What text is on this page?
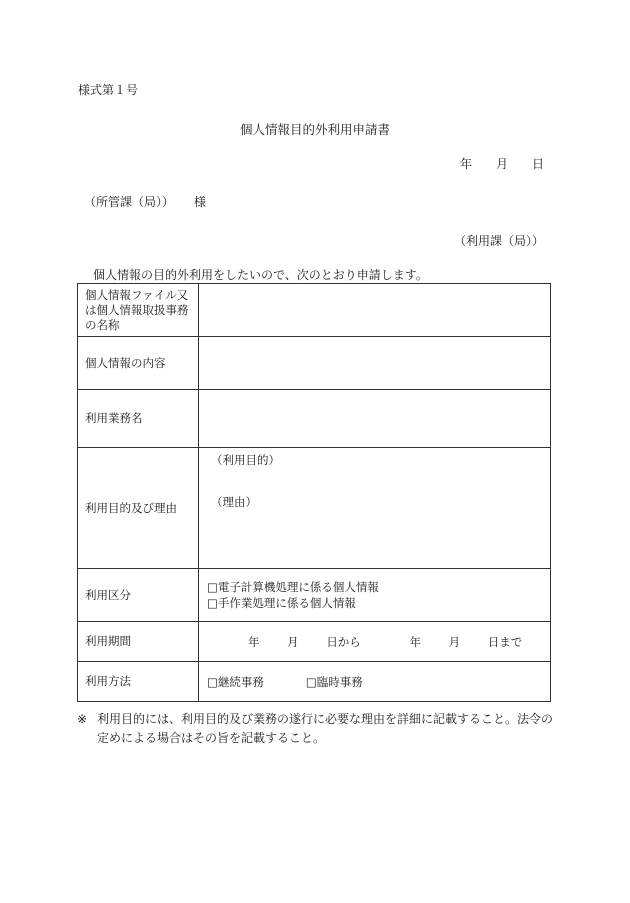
様式第１号
個人情報目的外利用申請書
年 月 日
（所管課（局）） 様
（利用課（局））
個人情報の目的外利用をしたいので、次のとおり申請します。
個人情報ファイル又
は個人情報取扱事務
の名称	

個人情報の内容	
利用業務名	
利用目的及び理由	（利用目的）
（理由）

利用区分	□電子計算機処理に係る個人情報
□手作業処理に係る個人情報

利用期間	年 月 日から 年 月 日まで
利用方法	□継続事務 □臨時事務
※ 利用目的には、利用目的及び業務の遂行に必要な理由を詳細に記載すること。法令の
定めによる場合はその旨を記載すること。
